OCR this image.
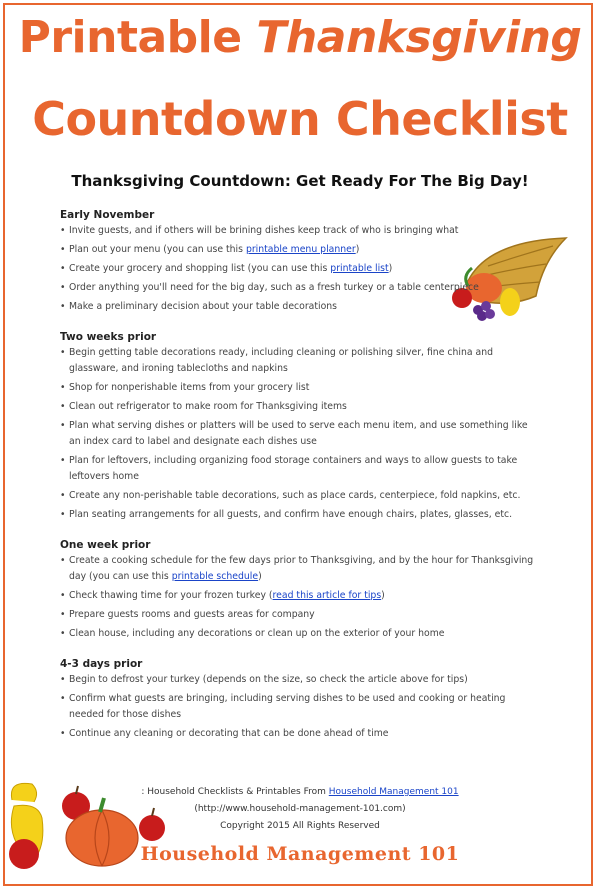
Printable Thanksgiving
Countdown Checklist
Thanksgiving Countdown: Get Ready For The Big Day!
Early November
• Invite guests, and if others will be brining dishes keep track of who is bringing what
• Plan out your menu (you can use this printable menu planner)
• Create your grocery and shopping list (you can use this printable list)
• Order anything you'll need for the big day, such as a fresh turkey or a table centerpiece
• Make a preliminary decision about your table decorations
Two weeks prior
• Begin getting table decorations ready, including cleaning or polishing silver, fine china and glassware, and ironing tablecloths and napkins
• Shop for nonperishable items from your grocery list
• Clean out refrigerator to make room for Thanksgiving items
• Plan what serving dishes or platters will be used to serve each menu item, and use something like an index card to label and designate each dishes use
• Plan for leftovers, including organizing food storage containers and ways to allow guests to take leftovers home
• Create any non-perishable table decorations, such as place cards, centerpiece, fold napkins, etc.
• Plan seating arrangements for all guests, and confirm have enough chairs, plates, glasses, etc.
One week prior
• Create a cooking schedule for the few days prior to Thanksgiving, and by the hour for Thanksgiving day (you can use this printable schedule)
• Check thawing time for your frozen turkey (read this article for tips)
• Prepare guests rooms and guests areas for company
• Clean house, including any decorations or clean up on the exterior of your home
4-3 days prior
• Begin to defrost your turkey (depends on the size, so check the article above for tips)
• Confirm what guests are bringing, including serving dishes to be used and cooking or heating needed for those dishes
• Continue any cleaning or decorating that can be done ahead of time
: Household Checklists & Printables From Household Management 101
(http://www.household-management-101.com)
Copyright 2015 All Rights Reserved
Household Management 101
